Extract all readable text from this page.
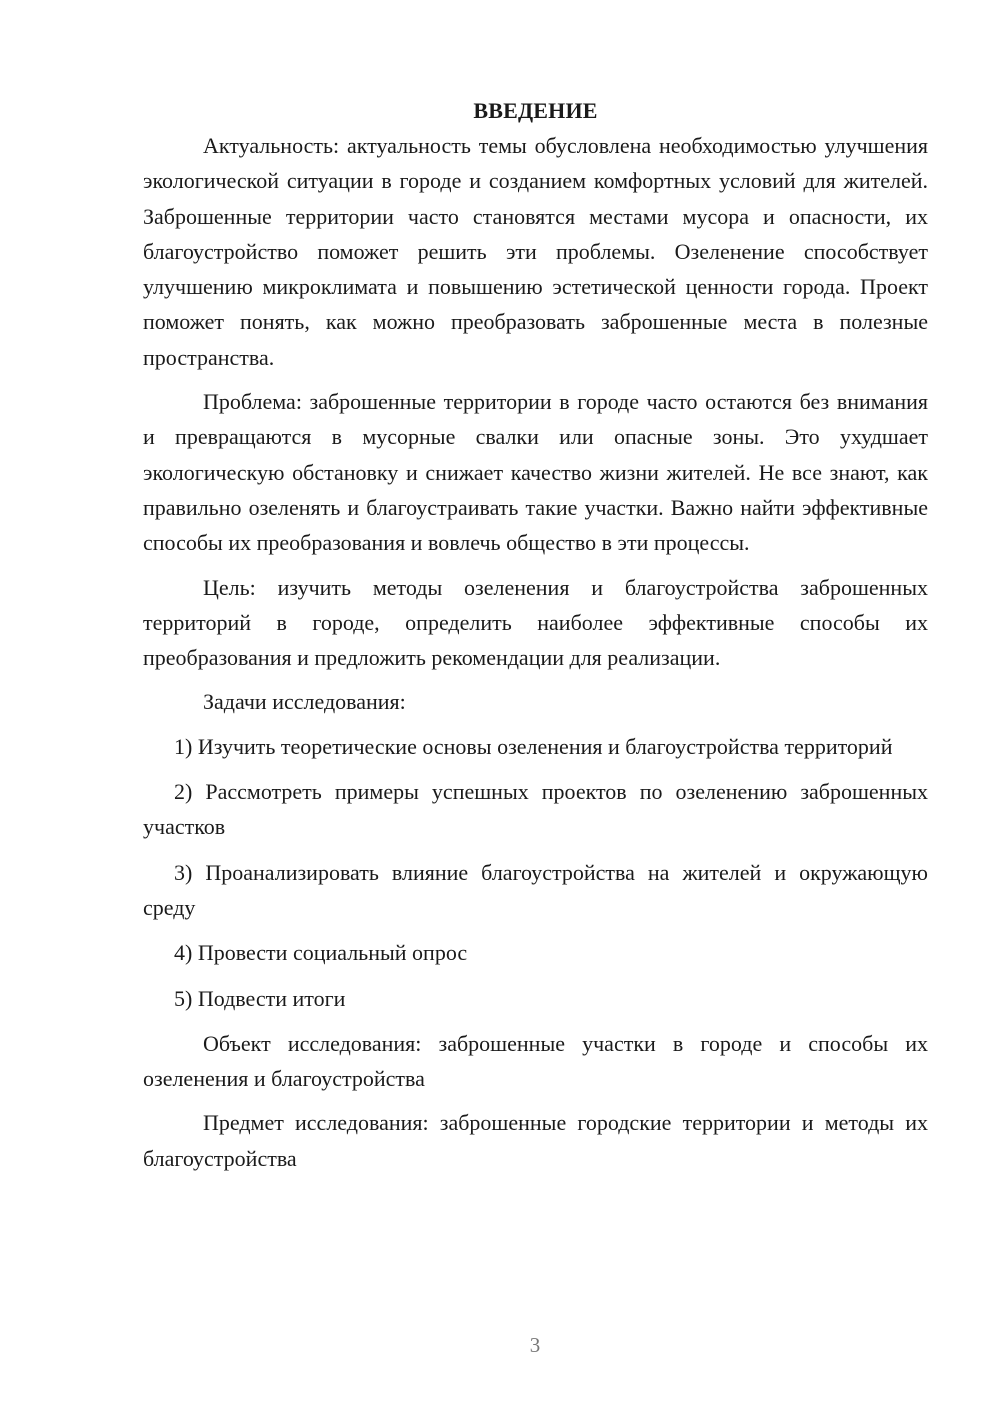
ВВЕДЕНИЕ

Актуальность: актуальность темы обусловлена необходимостью улучшения экологической ситуации в городе и созданием комфортных условий для жителей. Заброшенные территории часто становятся местами мусора и опасности, их благоустройство поможет решить эти проблемы. Озеленение способствует улучшению микроклимата и повышению эстетической ценности города. Проект поможет понять, как можно преобразовать заброшенные места в полезные пространства.

Проблема: заброшенные территории в городе часто остаются без внимания и превращаются в мусорные свалки или опасные зоны. Это ухудшает экологическую обстановку и снижает качество жизни жителей. Не все знают, как правильно озеленять и благоустраивать такие участки. Важно найти эффективные способы их преобразования и вовлечь общество в эти процессы.

Цель: изучить методы озеленения и благоустройства заброшенных территорий в городе, определить наиболее эффективные способы их преобразования и предложить рекомендации для реализации.

Задачи исследования:

1) Изучить теоретические основы озеленения и благоустройства территорий

2) Рассмотреть примеры успешных проектов по озеленению заброшенных участков

3) Проанализировать влияние благоустройства на жителей и окружающую среду

4) Провести социальный опрос

5) Подвести итоги

Объект исследования: заброшенные участки в городе и способы их озеленения и благоустройства

Предмет исследования: заброшенные городские территории и методы их благоустройства

3
